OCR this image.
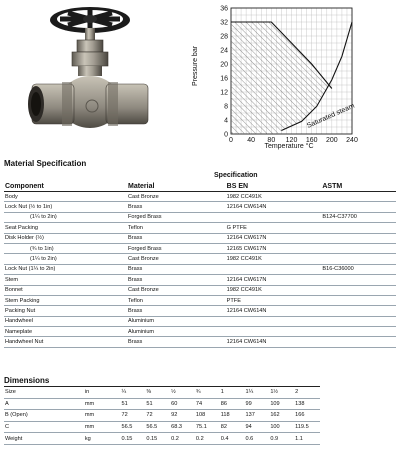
0 40 80 120 160 200 240
0
4
8
12
16
20
24
28
32
36
Pressure bar
Temperature °C
Saturated steam
Material Specification
Specification
Component	Material	BS EN	ASTM
Body	Cast Bronze	1982 CC491K	
Lock Nut (½ to 1in)	Brass	12164 CW614N	
(1¼ to 2in)	Forged Brass		B124-C37700
Seat Packing	Teflon	G PTFE	
Disk Holder (½)	Brass	12164 CW617N	
(¾ to 1in)	Forged Brass	12165 CW617N	
(1¼ to 2in)	Cast Bronze	1982 CC491K	
Lock Nut (1¼ to 2in)	Brass		B16-C36000
Stem	Brass	12164 CW617N	
Bonnet	Cast Bronze	1982 CC491K	
Stem Packing	Teflon	PTFE	
Packing Nut	Brass	12164 CW614N	
Handwheel	Aluminium		
Nameplate	Aluminium		
Handwheel Nut	Brass	12164 CW614N	
Dimensions
Size	in	¼	⅜	½	¾	1	1¼	1½	2
A	mm	51	51	60	74	86	99	109	138
B (Open)	mm	72	72	92	108	118	137	162	166
C	mm	56.5	56.5	68.3	75.1	82	94	100	119.5
Weight	kg	0.15	0.15	0.2	0.2	0.4	0.6	0.9	1.1
